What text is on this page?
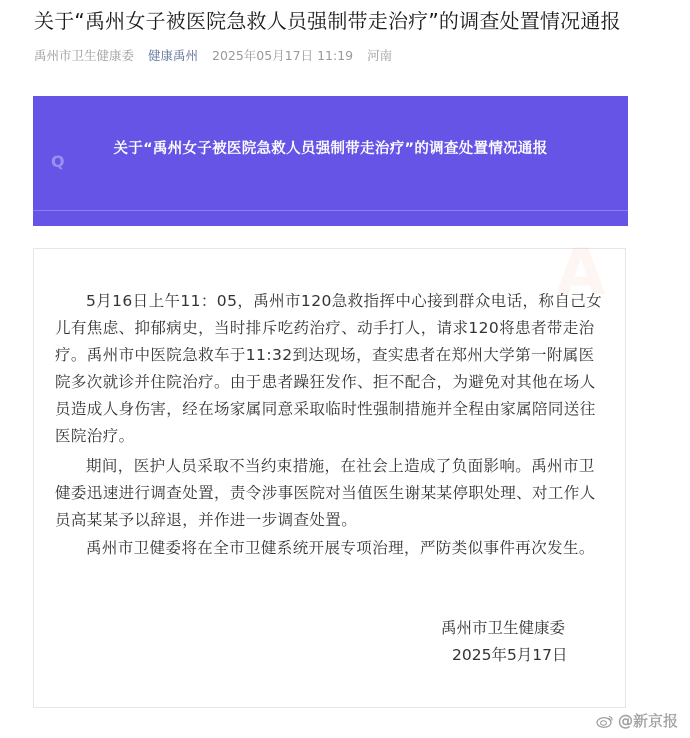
关于“禹州女子被医院急救人员强制带走治疗”的调查处置情况通报
禹州市卫生健康委 健康禹州 2025年05月17日 11:19 河南
Q
关于“禹州女子被医院急救人员强制带走治疗”的调查处置情况通报
A
5月16日上午11：05，禹州市120急救指挥中心接到群众电话，称自己女儿有焦虑、抑郁病史，当时排斥吃药治疗、动手打人，请求120将患者带走治疗。禹州市中医院急救车于11:32到达现场，查实患者在郑州大学第一附属医院多次就诊并住院治疗。由于患者躁狂发作、拒不配合，为避免对其他在场人员造成人身伤害，经在场家属同意采取临时性强制措施并全程由家属陪同送往医院治疗。
期间，医护人员采取不当约束措施，在社会上造成了负面影响。禹州市卫健委迅速进行调查处置，责令涉事医院对当值医生谢某某停职处理、对工作人员高某某予以辞退，并作进一步调查处置。
禹州市卫健委将在全市卫健系统开展专项治理，严防类似事件再次发生。
禹州市卫生健康委
2025年5月17日
@新京报
